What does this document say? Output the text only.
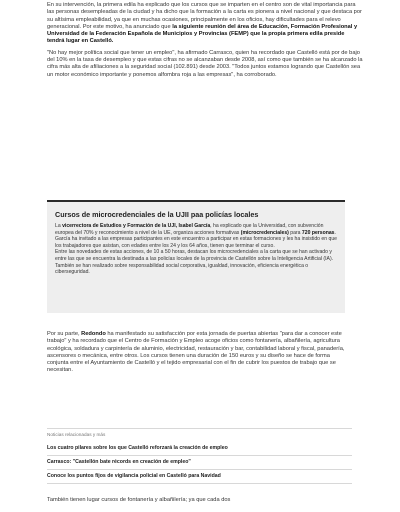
En su intervención, la primera edila ha explicado que los cursos que se imparten en el centro son de vital importancia para las personas desempleadas de la ciudad y ha dicho que la formación a la carta es pionera a nivel nacional y que destaca por su altísima empleabilidad, ya que en muchas ocasiones, principalmente en los oficios, hay dificultades para el relevo generacional. Por este motivo, ha anunciado que la siguiente reunión del área de Educación, Formación Profesional y Universidad de la Federación Española de Municipios y Provincias (FEMP) que la propia primera edila preside tendrá lugar en Castelló.

"No hay mejor política social que tener un empleo", ha afirmado Carrasco, quien ha recordado que Castelló está por de bajo del 10% en la tasa de desempleo y que estas cifras no se alcanzaban desde 2008, así como que también se ha alcanzado la cifra más alta de afiliaciones a la seguridad social (102.891) desde 2003. "Todos juntos estamos logrando que Castellón sea un motor económico importante y ponemos alfombra roja a las empresas", ha corroborado.

Cursos de microcredenciales de la UJII paa policías locales

La vicerrectora de Estudios y Formación de la UJI, Isabel García, ha explicado que la Universidad, con subvención europea del 70% y reconocimiento a nivel de la UE, organiza acciones formativas (microcredenciales) para 720 personas. García ha invitado a las empresas participantes en este encuentro a participar en estas formaciones y les ha insistido en que los trabajadores que asistan, con edades entre los 24 y los 64 años, tienen que terminar el curso.

Entre las novedades de estas acciones, de 10 a 50 horas, destacan los microcredenciales a la carta que se han activado y entre las que se encuentra la destinada a las policías locales de la provincia de Castellón sobre la Inteligencia Artificial (IA). También se han realizado sobre responsabilidad social corporativa, igualdad, innovación, eficiencia energética o ciberseguridad.

Por su parte, Redondo ha manifestado su satisfacción por esta jornada de puertas abiertas "para dar a conocer este trabajo" y ha recordado que el Centro de Formación y Empleo acoge oficios como fontanería, albañilería, agricultura ecológica, soldadura y carpintería de aluminio, electricidad, restauración y bar, contabilidad laboral y fiscal, panadería, ascensores o mecánica, entre otros. Los cursos tienen una duración de 150 euros y su diseño se hace de forma conjunta entre el Ayuntamiento de Castelló y el tejido empresarial con el fin de cubrir los puestos de trabajo que se necesitan.

Noticias relacionadas y más
Los cuatro pilares sobre los que Castelló reforzará la creación de empleo
Carrasco: "Castellón bate récords en creación de empleo"
Conoce los puntos fijos de vigilancia policial en Castelló para Navidad

También tienen lugar cursos de fontanería y albañilería; ya que cada dos
